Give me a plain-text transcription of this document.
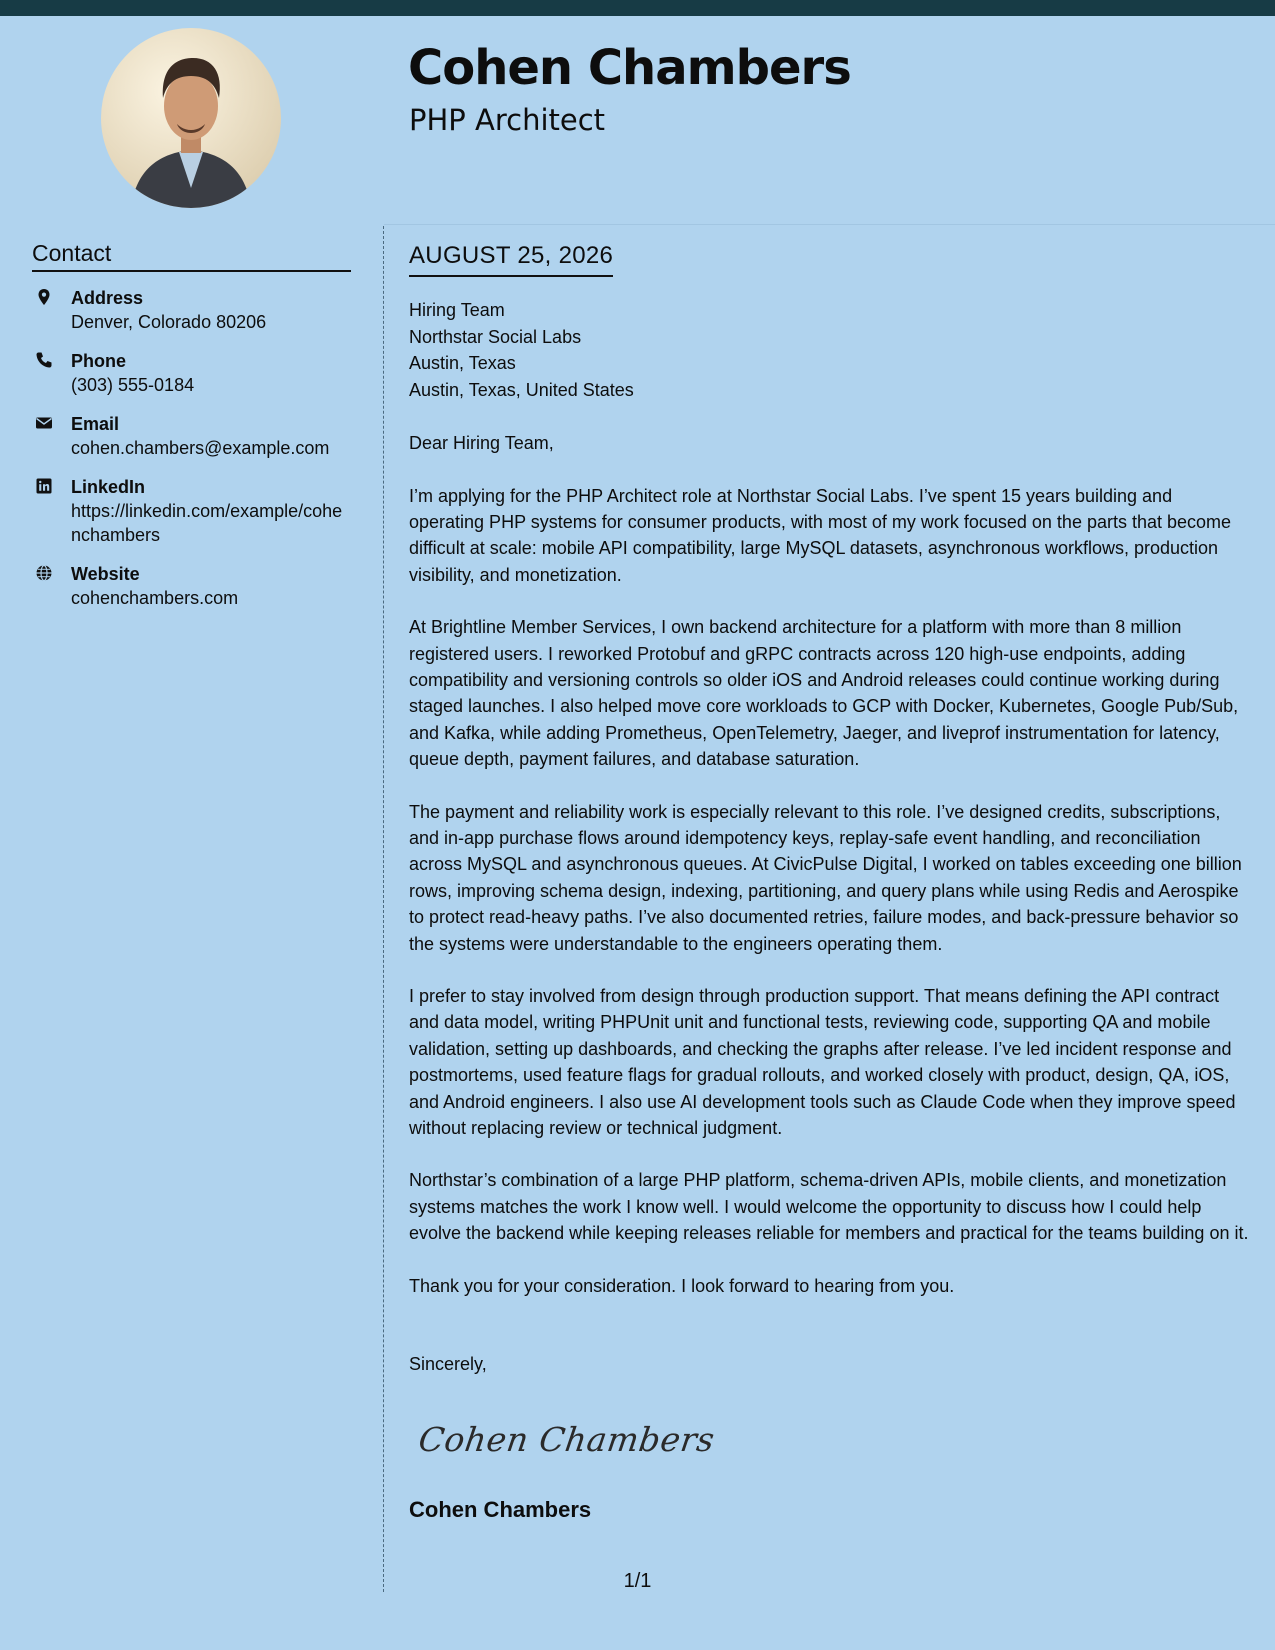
Cohen Chambers
PHP Architect
Contact
Address
Denver, Colorado 80206
Phone
(303) 555-0184
Email
cohen.chambers@example.com
LinkedIn
https://linkedin.com/example/cohenchambers
Website
cohenchambers.com
AUGUST 25, 2026
Hiring Team
Northstar Social Labs
Austin, Texas
Austin, Texas, United States
Dear Hiring Team,

I’m applying for the PHP Architect role at Northstar Social Labs. I’ve spent 15 years building and operating PHP systems for consumer products, with most of my work focused on the parts that become difficult at scale: mobile API compatibility, large MySQL datasets, asynchronous workflows, production visibility, and monetization.

At Brightline Member Services, I own backend architecture for a platform with more than 8 million registered users. I reworked Protobuf and gRPC contracts across 120 high-use endpoints, adding compatibility and versioning controls so older iOS and Android releases could continue working during staged launches. I also helped move core workloads to GCP with Docker, Kubernetes, Google Pub/Sub, and Kafka, while adding Prometheus, OpenTelemetry, Jaeger, and liveprof instrumentation for latency, queue depth, payment failures, and database saturation.

The payment and reliability work is especially relevant to this role. I’ve designed credits, subscriptions, and in-app purchase flows around idempotency keys, replay-safe event handling, and reconciliation across MySQL and asynchronous queues. At CivicPulse Digital, I worked on tables exceeding one billion rows, improving schema design, indexing, partitioning, and query plans while using Redis and Aerospike to protect read-heavy paths. I’ve also documented retries, failure modes, and back-pressure behavior so the systems were understandable to the engineers operating them.

I prefer to stay involved from design through production support. That means defining the API contract and data model, writing PHPUnit unit and functional tests, reviewing code, supporting QA and mobile validation, setting up dashboards, and checking the graphs after release. I’ve led incident response and postmortems, used feature flags for gradual rollouts, and worked closely with product, design, QA, iOS, and Android engineers. I also use AI development tools such as Claude Code when they improve speed without replacing review or technical judgment.

Northstar’s combination of a large PHP platform, schema-driven APIs, mobile clients, and monetization systems matches the work I know well. I would welcome the opportunity to discuss how I could help evolve the backend while keeping releases reliable for members and practical for the teams building on it.

Thank you for your consideration. I look forward to hearing from you.

Sincerely,
Cohen Chambers
Cohen Chambers
1/1
